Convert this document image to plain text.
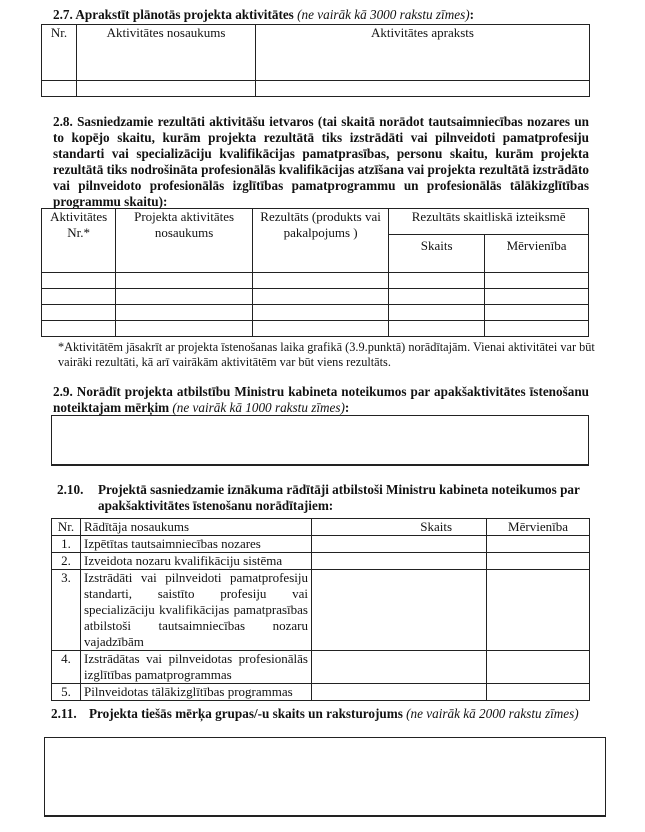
2.7. Aprakstīt plānotās projekta aktivitātes (ne vairāk kā 3000 rakstu zīmes):
Nr.	Aktivitātes nosaukums	Aktivitātes apraksts

2.8. Sasniedzamie rezultāti aktivitāšu ietvaros (tai skaitā norādot tautsaimniecības nozares un to kopējo skaitu, kurām projekta rezultātā tiks izstrādāti vai pilnveidoti pamatprofesiju standarti vai specializāciju kvalifikācijas pamatprasības, personu skaitu, kurām projekta rezultātā tiks nodrošināta profesionālās kvalifikācijas atzīšana vai projekta rezultātā izstrādāto vai pilnveidoto profesionālās izglītības pamatprogrammu un profesionālās tālākizglītības programmu skaitu):
Aktivitātes Nr.*	Projekta aktivitātes nosaukums	Rezultāts (produkts vai pakalpojums )	Rezultāts skaitliskā izteiksmē	
			Skaits	Mērvienība

*Aktivitātēm jāsakrīt ar projekta īstenošanas laika grafikā (3.9.punktā) norādītajām. Vienai aktivitātei var būt vairāki rezultāti, kā arī vairākām aktivitātēm var būt viens rezultāts.
2.9. Norādīt projekta atbilstību Ministru kabineta noteikumos par apakšaktivitātes īstenošanu noteiktajam mērķim (ne vairāk kā 1000 rakstu zīmes):
2.10. Projektā sasniedzamie iznākuma rādītāji atbilstoši Ministru kabineta noteikumos par apakšaktivitātes īstenošanu norādītajiem:
Nr.	Rādītāja nosaukums	Skaits	Mērvienība
1.	Izpētītas tautsaimniecības nozares		
2.	Izveidota nozaru kvalifikāciju sistēma		
3.	Izstrādāti vai pilnveidoti pamatprofesiju standarti, saistīto profesiju vai specializāciju kvalifikācijas pamatprasības atbilstoši tautsaimniecības nozaru vajadzībām		
4.	Izstrādātas vai pilnveidotas profesionālās izglītības pamatprogrammas		
5.	Pilnveidotas tālākizglītības programmas		
2.11. Projekta tiešās mērķa grupas/-u skaits un raksturojums (ne vairāk kā 2000 rakstu zīmes)
